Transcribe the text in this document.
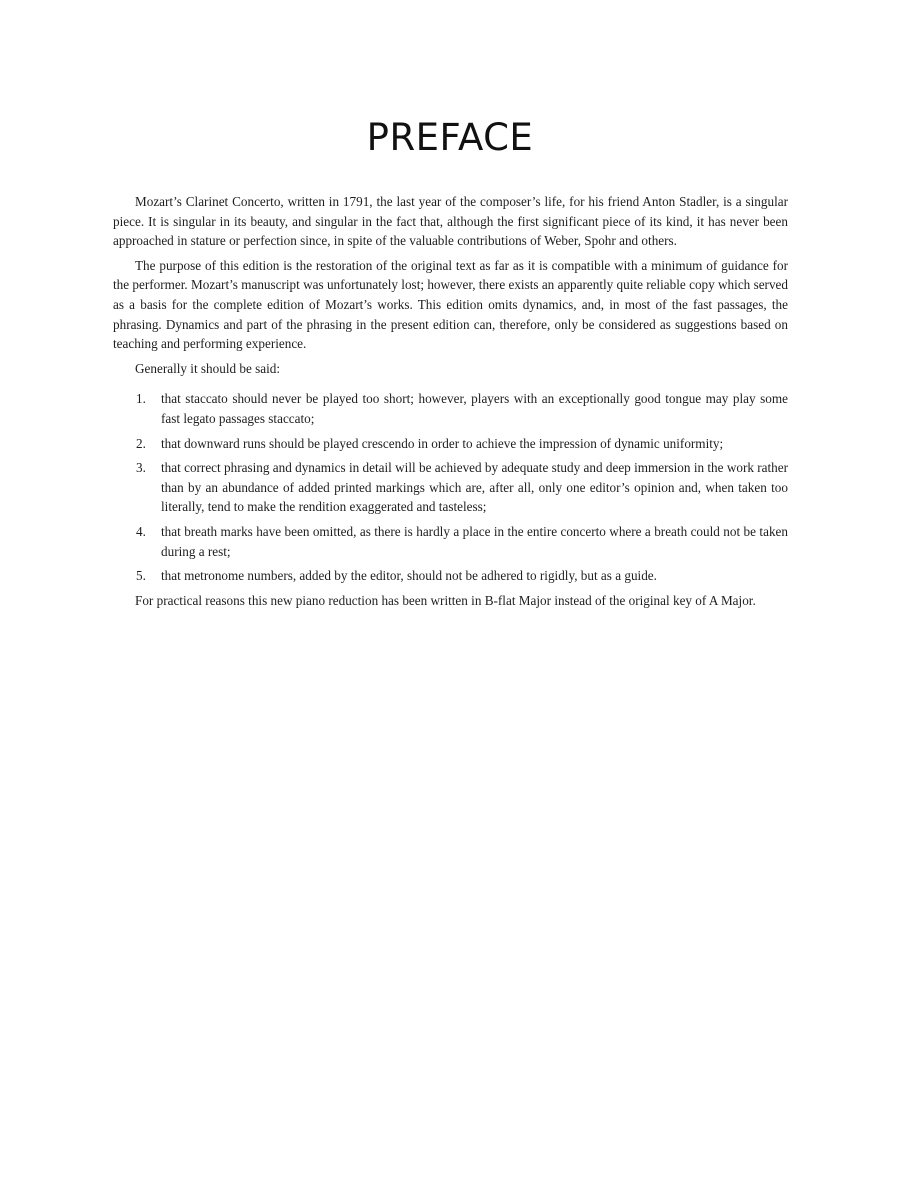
PREFACE

Mozart’s Clarinet Concerto, written in 1791, the last year of the composer’s life, for his friend Anton Stadler, is a singular piece. It is singular in its beauty, and singular in the fact that, although the first significant piece of its kind, it has never been approached in stature or perfection since, in spite of the valuable contributions of Weber, Spohr and others.

The purpose of this edition is the restoration of the original text as far as it is compatible with a minimum of guidance for the performer. Mozart’s manuscript was unfortunately lost; however, there exists an apparently quite reliable copy which served as a basis for the complete edition of Mozart’s works. This edition omits dynamics, and, in most of the fast passages, the phrasing. Dynamics and part of the phrasing in the present edition can, therefore, only be considered as suggestions based on teaching and performing experience.

Generally it should be said:

1. that staccato should never be played too short; however, players with an exceptionally good tongue may play some fast legato passages staccato;
2. that downward runs should be played crescendo in order to achieve the impression of dynamic uniformity;
3. that correct phrasing and dynamics in detail will be achieved by adequate study and deep immersion in the work rather than by an abundance of added printed markings which are, after all, only one editor’s opinion and, when taken too literally, tend to make the rendition exaggerated and tasteless;
4. that breath marks have been omitted, as there is hardly a place in the entire concerto where a breath could not be taken during a rest;
5. that metronome numbers, added by the editor, should not be adhered to rigidly, but as a guide.

For practical reasons this new piano reduction has been written in B-flat Major instead of the original key of A Major.
